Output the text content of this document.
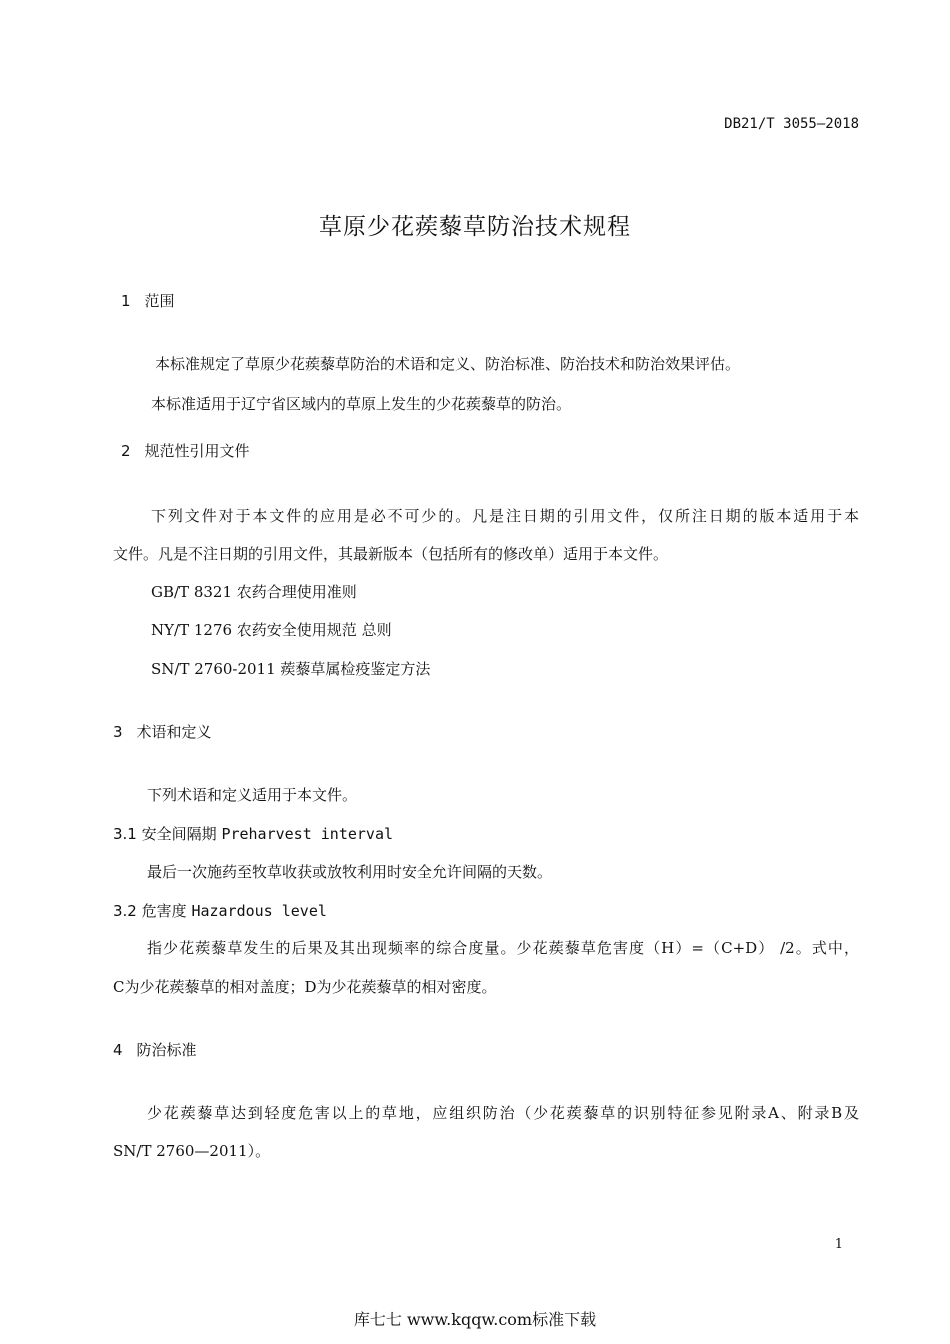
DB21/T 3055—2018
草原少花蒺藜草防治技术规程
1 范围
本标准规定了草原少花蒺藜草防治的术语和定义、防治标准、防治技术和防治效果评估。
本标准适用于辽宁省区域内的草原上发生的少花蒺藜草的防治。
2 规范性引用文件
下列文件对于本文件的应用是必不可少的。凡是注日期的引用文件，仅所注日期的版本适用于本
文件。凡是不注日期的引用文件，其最新版本（包括所有的修改单）适用于本文件。
GB/T 8321 农药合理使用准则
NY/T 1276 农药安全使用规范 总则
SN/T 2760-2011 蒺藜草属检疫鉴定方法
3 术语和定义
下列术语和定义适用于本文件。
3.1 安全间隔期 Preharvest interval
最后一次施药至牧草收获或放牧利用时安全允许间隔的天数。
3.2 危害度 Hazardous level
指少花蒺藜草发生的后果及其出现频率的综合度量。少花蒺藜草危害度（H）=（C+D） /2。式中，
C为少花蒺藜草的相对盖度；D为少花蒺藜草的相对密度。
4 防治标准
少花蒺藜草达到轻度危害以上的草地，应组织防治（少花蒺藜草的识别特征参见附录A、附录B及
SN/T 2760—2011）。
1
库七七 www.kqqw.com标准下载
